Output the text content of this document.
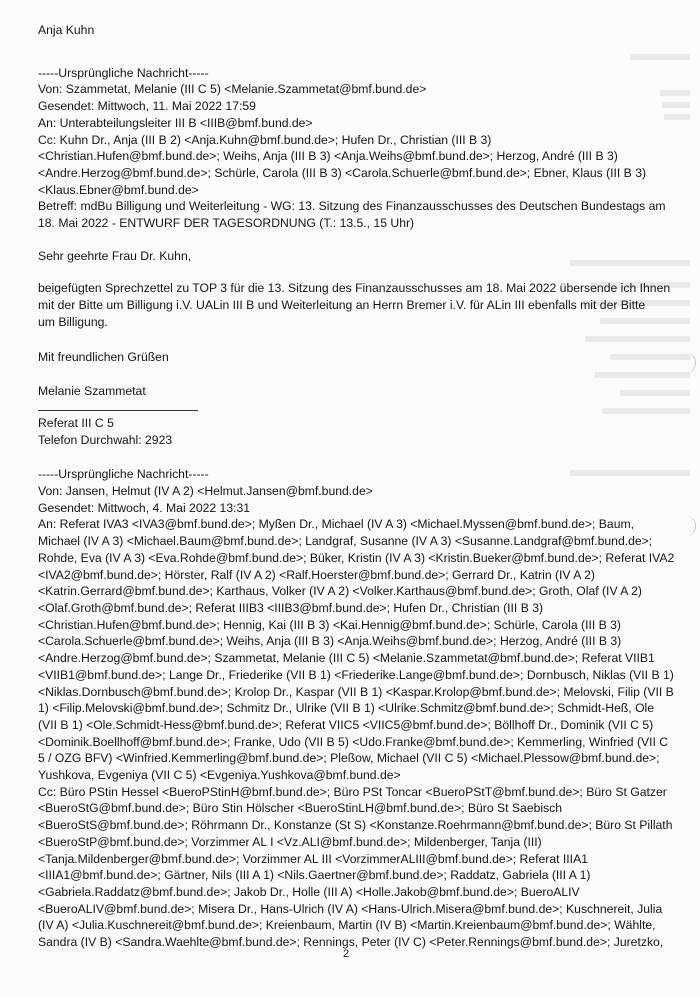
Anja Kuhn
-----Ursprüngliche Nachricht-----
Von: Szammetat, Melanie (III C 5) <Melanie.Szammetat@bmf.bund.de>
Gesendet: Mittwoch, 11. Mai 2022 17:59
An: Unterabteilungsleiter III B <IIIB@bmf.bund.de>
Cc: Kuhn Dr., Anja (III B 2) <Anja.Kuhn@bmf.bund.de>; Hufen Dr., Christian (III B 3)
<Christian.Hufen@bmf.bund.de>; Weihs, Anja (III B 3) <Anja.Weihs@bmf.bund.de>; Herzog, André (III B 3)
<Andre.Herzog@bmf.bund.de>; Schürle, Carola (III B 3) <Carola.Schuerle@bmf.bund.de>; Ebner, Klaus (III B 3)
<Klaus.Ebner@bmf.bund.de>
Betreff: mdBu Billigung und Weiterleitung - WG: 13. Sitzung des Finanzausschusses des Deutschen Bundestags am
18. Mai 2022 - ENTWURF DER TAGESORDNUNG (T.: 13.5., 15 Uhr)
Sehr geehrte Frau Dr. Kuhn,
beigefügten Sprechzettel zu TOP 3 für die 13. Sitzung des Finanzausschusses am 18. Mai 2022 übersende ich Ihnen
mit der Bitte um Billigung i.V. UALin III B und Weiterleitung an Herrn Bremer i.V. für ALin III ebenfalls mit der Bitte
um Billigung.
Mit freundlichen Grüßen
Melanie Szammetat
Referat III C 5
Telefon Durchwahl: 2923
-----Ursprüngliche Nachricht-----
Von: Jansen, Helmut (IV A 2) <Helmut.Jansen@bmf.bund.de>
Gesendet: Mittwoch, 4. Mai 2022 13:31
An: Referat IVA3 <IVA3@bmf.bund.de>; Myßen Dr., Michael (IV A 3) <Michael.Myssen@bmf.bund.de>; Baum,
Michael (IV A 3) <Michael.Baum@bmf.bund.de>; Landgraf, Susanne (IV A 3) <Susanne.Landgraf@bmf.bund.de>;
Rohde, Eva (IV A 3) <Eva.Rohde@bmf.bund.de>; Büker, Kristin (IV A 3) <Kristin.Bueker@bmf.bund.de>; Referat IVA2
<IVA2@bmf.bund.de>; Hörster, Ralf (IV A 2) <Ralf.Hoerster@bmf.bund.de>; Gerrard Dr., Katrin (IV A 2)
<Katrin.Gerrard@bmf.bund.de>; Karthaus, Volker (IV A 2) <Volker.Karthaus@bmf.bund.de>; Groth, Olaf (IV A 2)
<Olaf.Groth@bmf.bund.de>; Referat IIIB3 <IIIB3@bmf.bund.de>; Hufen Dr., Christian (III B 3)
<Christian.Hufen@bmf.bund.de>; Hennig, Kai (III B 3) <Kai.Hennig@bmf.bund.de>; Schürle, Carola (III B 3)
<Carola.Schuerle@bmf.bund.de>; Weihs, Anja (III B 3) <Anja.Weihs@bmf.bund.de>; Herzog, André (III B 3)
<Andre.Herzog@bmf.bund.de>; Szammetat, Melanie (III C 5) <Melanie.Szammetat@bmf.bund.de>; Referat VIIB1
<VIIB1@bmf.bund.de>; Lange Dr., Friederike (VII B 1) <Friederike.Lange@bmf.bund.de>; Dornbusch, Niklas (VII B 1)
<Niklas.Dornbusch@bmf.bund.de>; Krolop Dr., Kaspar (VII B 1) <Kaspar.Krolop@bmf.bund.de>; Melovski, Filip (VII B
1) <Filip.Melovski@bmf.bund.de>; Schmitz Dr., Ulrike (VII B 1) <Ulrike.Schmitz@bmf.bund.de>; Schmidt-Heß, Ole
(VII B 1) <Ole.Schmidt-Hess@bmf.bund.de>; Referat VIIC5 <VIIC5@bmf.bund.de>; Böllhoff Dr., Dominik (VII C 5)
<Dominik.Boellhoff@bmf.bund.de>; Franke, Udo (VII B 5) <Udo.Franke@bmf.bund.de>; Kemmerling, Winfried (VII C
5 / OZG BFV) <Winfried.Kemmerling@bmf.bund.de>; Pleßow, Michael (VII C 5) <Michael.Plessow@bmf.bund.de>;
Yushkova, Evgeniya (VII C 5) <Evgeniya.Yushkova@bmf.bund.de>
Cc: Büro PStin Hessel <BueroPStinH@bmf.bund.de>; Büro PSt Toncar <BueroPStT@bmf.bund.de>; Büro St Gatzer
<BueroStG@bmf.bund.de>; Büro Stin Hölscher <BueroStinLH@bmf.bund.de>; Büro St Saebisch
<BueroStS@bmf.bund.de>; Röhrmann Dr., Konstanze (St S) <Konstanze.Roehrmann@bmf.bund.de>; Büro St Pillath
<BueroStP@bmf.bund.de>; Vorzimmer AL I <Vz.ALI@bmf.bund.de>; Mildenberger, Tanja (III)
<Tanja.Mildenberger@bmf.bund.de>; Vorzimmer AL III <VorzimmerALIII@bmf.bund.de>; Referat IIIA1
<IIIA1@bmf.bund.de>; Gärtner, Nils (III A 1) <Nils.Gaertner@bmf.bund.de>; Raddatz, Gabriela (III A 1)
<Gabriela.Raddatz@bmf.bund.de>; Jakob Dr., Holle (III A) <Holle.Jakob@bmf.bund.de>; BueroALIV
<BueroALIV@bmf.bund.de>; Misera Dr., Hans-Ulrich (IV A) <Hans-Ulrich.Misera@bmf.bund.de>; Kuschnereit, Julia
(IV A) <Julia.Kuschnereit@bmf.bund.de>; Kreienbaum, Martin (IV B) <Martin.Kreienbaum@bmf.bund.de>; Wählte,
Sandra (IV B) <Sandra.Waehlte@bmf.bund.de>; Rennings, Peter (IV C) <Peter.Rennings@bmf.bund.de>; Juretzko,
2
